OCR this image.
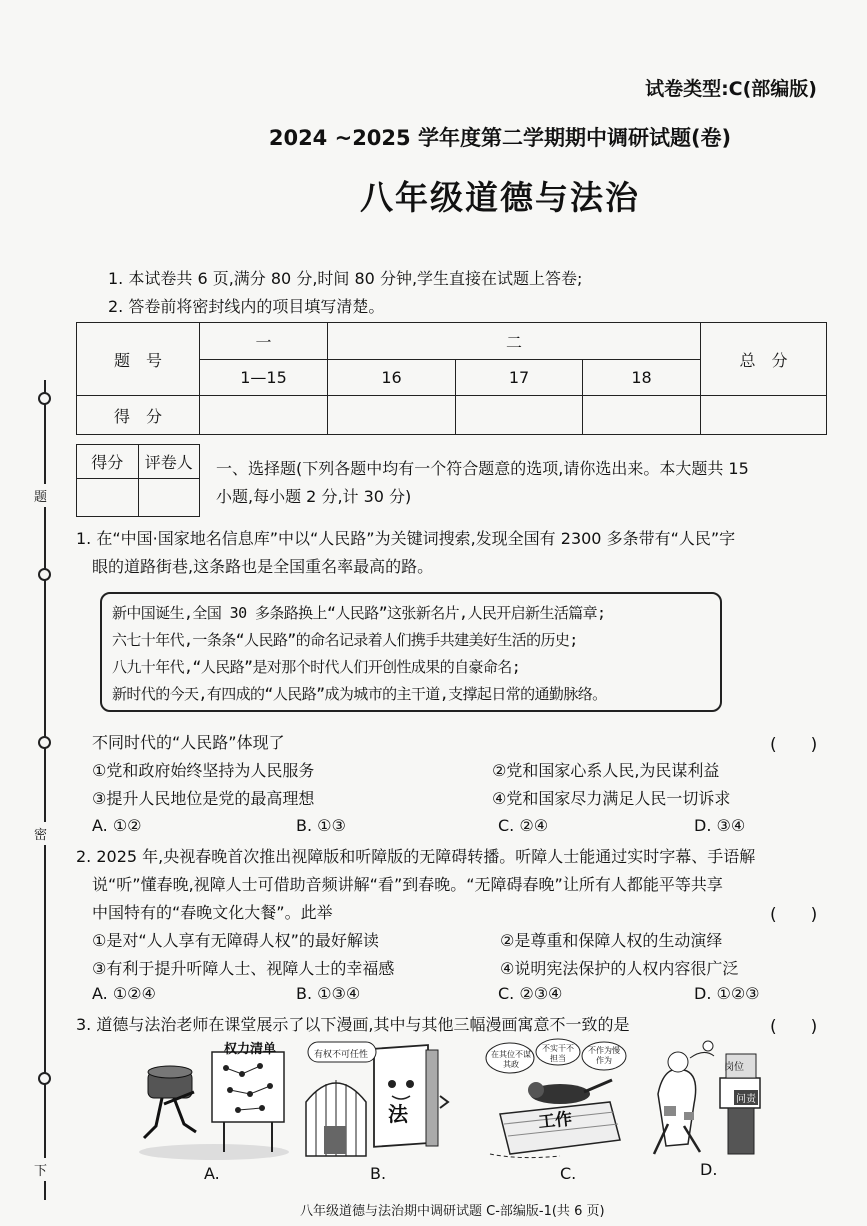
题
密
下
试卷类型:C(部编版)
2024 ~2025 学年度第二学期期中调研试题(卷)
八年级道德与法治
1. 本试卷共 6 页,满分 80 分,时间 80 分钟,学生直接在试题上答卷;
2. 答卷前将密封线内的项目填写清楚。
题　号	一	二			总　分
	1—15	16	17	18	
得　分					
得分	评卷人
	一、选择题(下列各题中均有一个符合题意的选项,请你选出来。本大题共 15
小题,每小题 2 分,计 30 分)
1. 在“中国·国家地名信息库”中以“人民路”为关键词搜索,发现全国有 2300 多条带有“人民”字
眼的道路街巷,这条路也是全国重名率最高的路。
新中国诞生,全国 30 多条路换上“人民路”这张新名片,人民开启新生活篇章;
六七十年代,一条条“人民路”的命名记录着人们携手共建美好生活的历史;
八九十年代,“人民路”是对那个时代人们开创性成果的自豪命名;
新时代的今天,有四成的“人民路”成为城市的主干道,支撑起日常的通勤脉络。
不同时代的“人民路”体现了	(　　)
①党和政府始终坚持为人民服务	②党和国家心系人民,为民谋利益
③提升人民地位是党的最高理想	④党和国家尽力满足人民一切诉求
A. ①②	B. ①③	C. ②④	D. ③④
2. 2025 年,央视春晚首次推出视障版和听障版的无障碍转播。听障人士能通过实时字幕、手语解
说“听”懂春晚,视障人士可借助音频讲解“看”到春晚。“无障碍春晚”让所有人都能平等共享
中国特有的“春晚文化大餐”。此举	(　　)
①是对“人人享有无障碍人权”的最好解读	②是尊重和保障人权的生动演绎
③有利于提升听障人士、视障人士的幸福感	④说明宪法保护的人权内容很广泛
A. ①②④	B. ①③④	C. ②③④	D. ①②③
3. 道德与法治老师在课堂展示了以下漫画,其中与其他三幅漫画寓意不一致的是	(　　)
权力清单
A.
有权不可任性
法
B.
在其位不谋其政
不实干不担当
不作为慢作为
工作
C.
岗位
问责
D.
八年级道德与法治期中调研试题 C-部编版-1(共 6 页)
